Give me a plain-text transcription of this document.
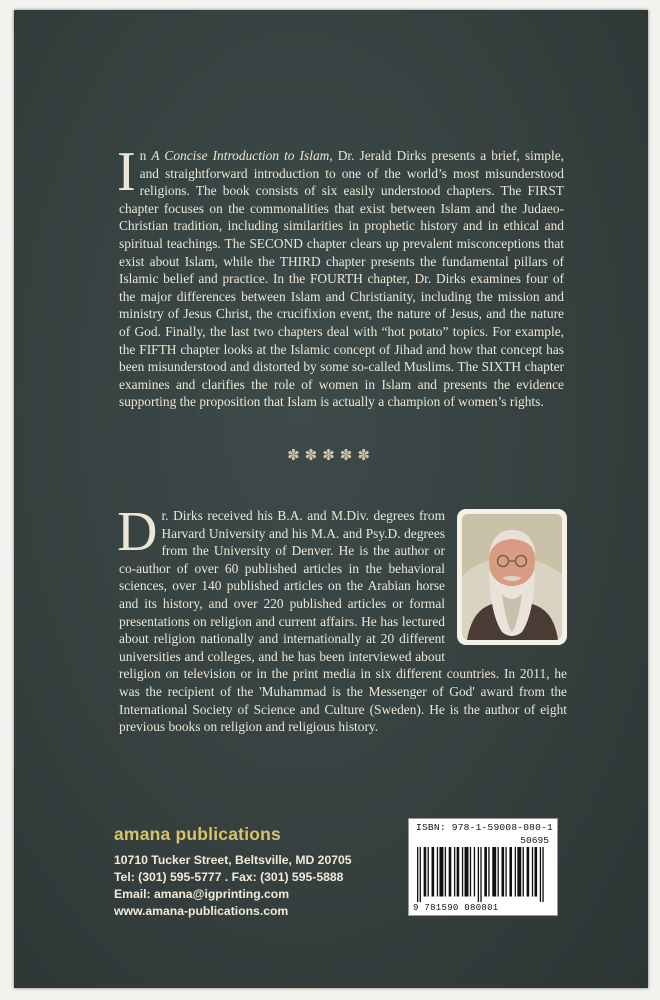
In A Concise Introduction to Islam, Dr. Jerald Dirks presents a brief, simple, and straightforward introduction to one of the world’s most misunderstood religions. The book consists of six easily understood chapters. The FIRST chapter focuses on the commonalities that exist between Islam and the Judaeo-Christian tradition, including similarities in prophetic history and in ethical and spiritual teachings. The SECOND chapter clears up prevalent misconceptions that exist about Islam, while the THIRD chapter presents the fundamental pillars of Islamic belief and practice. In the FOURTH chapter, Dr. Dirks examines four of the major differences between Islam and Christianity, including the mission and ministry of Jesus Christ, the crucifixion event, the nature of Jesus, and the nature of God. Finally, the last two chapters deal with “hot potato” topics. For example, the FIFTH chapter looks at the Islamic concept of Jihad and how that concept has been misunderstood and distorted by some so-called Muslims. The SIXTH chapter examines and clarifies the role of women in Islam and presents the evidence supporting the proposition that Islam is actually a champion of women’s rights.
✽✽✽✽✽
Dr. Dirks received his B.A. and M.Div. degrees from Harvard University and his M.A. and Psy.D. degrees from the University of Denver. He is the author or co-author of over 60 published articles in the behavioral sciences, over 140 published articles on the Arabian horse and its history, and over 220 published articles or formal presentations on religion and current affairs. He has lectured about religion nationally and internationally at 20 different universities and colleges, and he has been interviewed about religion on television or in the print media in six different countries. In 2011, he was the recipient of the 'Muhammad is the Messenger of God' award from the International Society of Science and Culture (Sweden). He is the author of eight previous books on religion and religious history.
amana publications
10710 Tucker Street, Beltsville, MD 20705
Tel: (301) 595-5777 . Fax: (301) 595-5888
Email: amana@igprinting.com
www.amana-publications.com
ISBN: 978-1-59008-080-1
50695
9 781590 080801
